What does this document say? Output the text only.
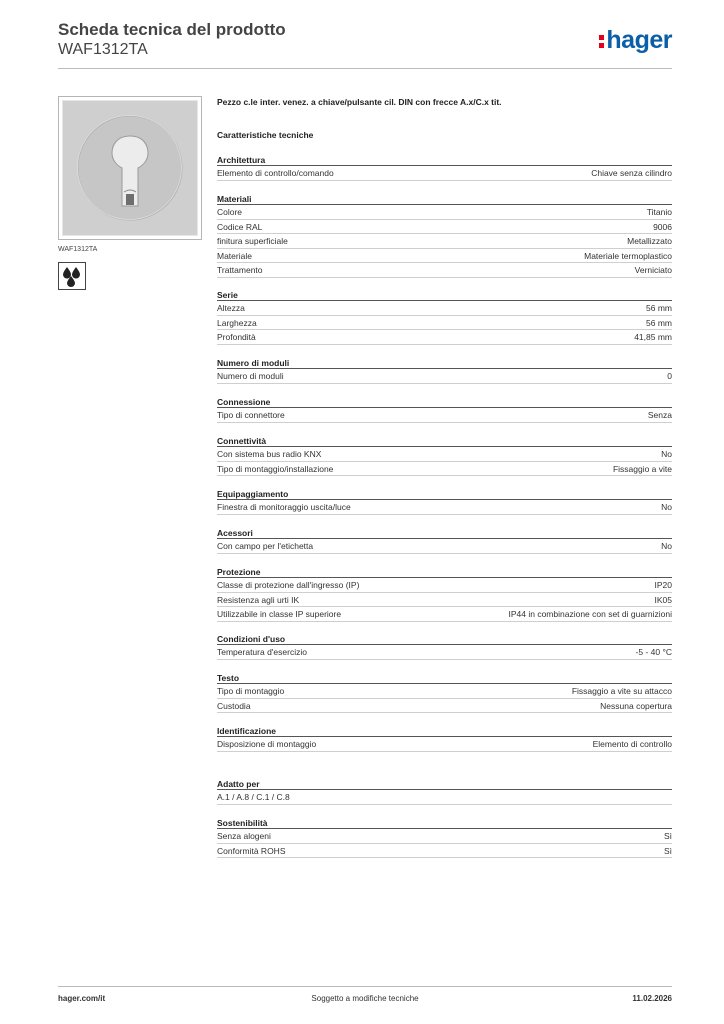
Scheda tecnica del prodotto
WAF1312TA	hager
WAF1312TA
Pezzo c.le inter. venez. a chiave/pulsante cil. DIN con frecce A.x/C.x tit.
Caratteristiche tecniche
Architettura
Elemento di controllo/comando	Chiave senza cilindro
Materiali
Colore	Titanio
Codice RAL	9006
finitura superficiale	Metallizzato
Materiale	Materiale termoplastico
Trattamento	Verniciato
Serie
Altezza	56 mm
Larghezza	56 mm
Profondità	41,85 mm
Numero di moduli
Numero di moduli	0
Connessione
Tipo di connettore	Senza
Connettività
Con sistema bus radio KNX	No
Tipo di montaggio/installazione	Fissaggio a vite
Equipaggiamento
Finestra di monitoraggio uscita/luce	No
Acessori
Con campo per l'etichetta	No
Protezione
Classe di protezione dall'ingresso (IP)	IP20
Resistenza agli urti IK	IK05
Utilizzabile in classe IP superiore	IP44 in combinazione con set di guarnizioni
Condizioni d'uso
Temperatura d'esercizio	-5 - 40 °C
Testo
Tipo di montaggio	Fissaggio a vite su attacco
Custodia	Nessuna copertura
Identificazione
Disposizione di montaggio	Elemento di controllo
Adatto per
A.1 / A.8 / C.1 / C.8
Sostenibilità
Senza alogeni	Sì
Conformità ROHS	Sì
hager.com/it	Soggetto a modifiche tecniche	11.02.2026
